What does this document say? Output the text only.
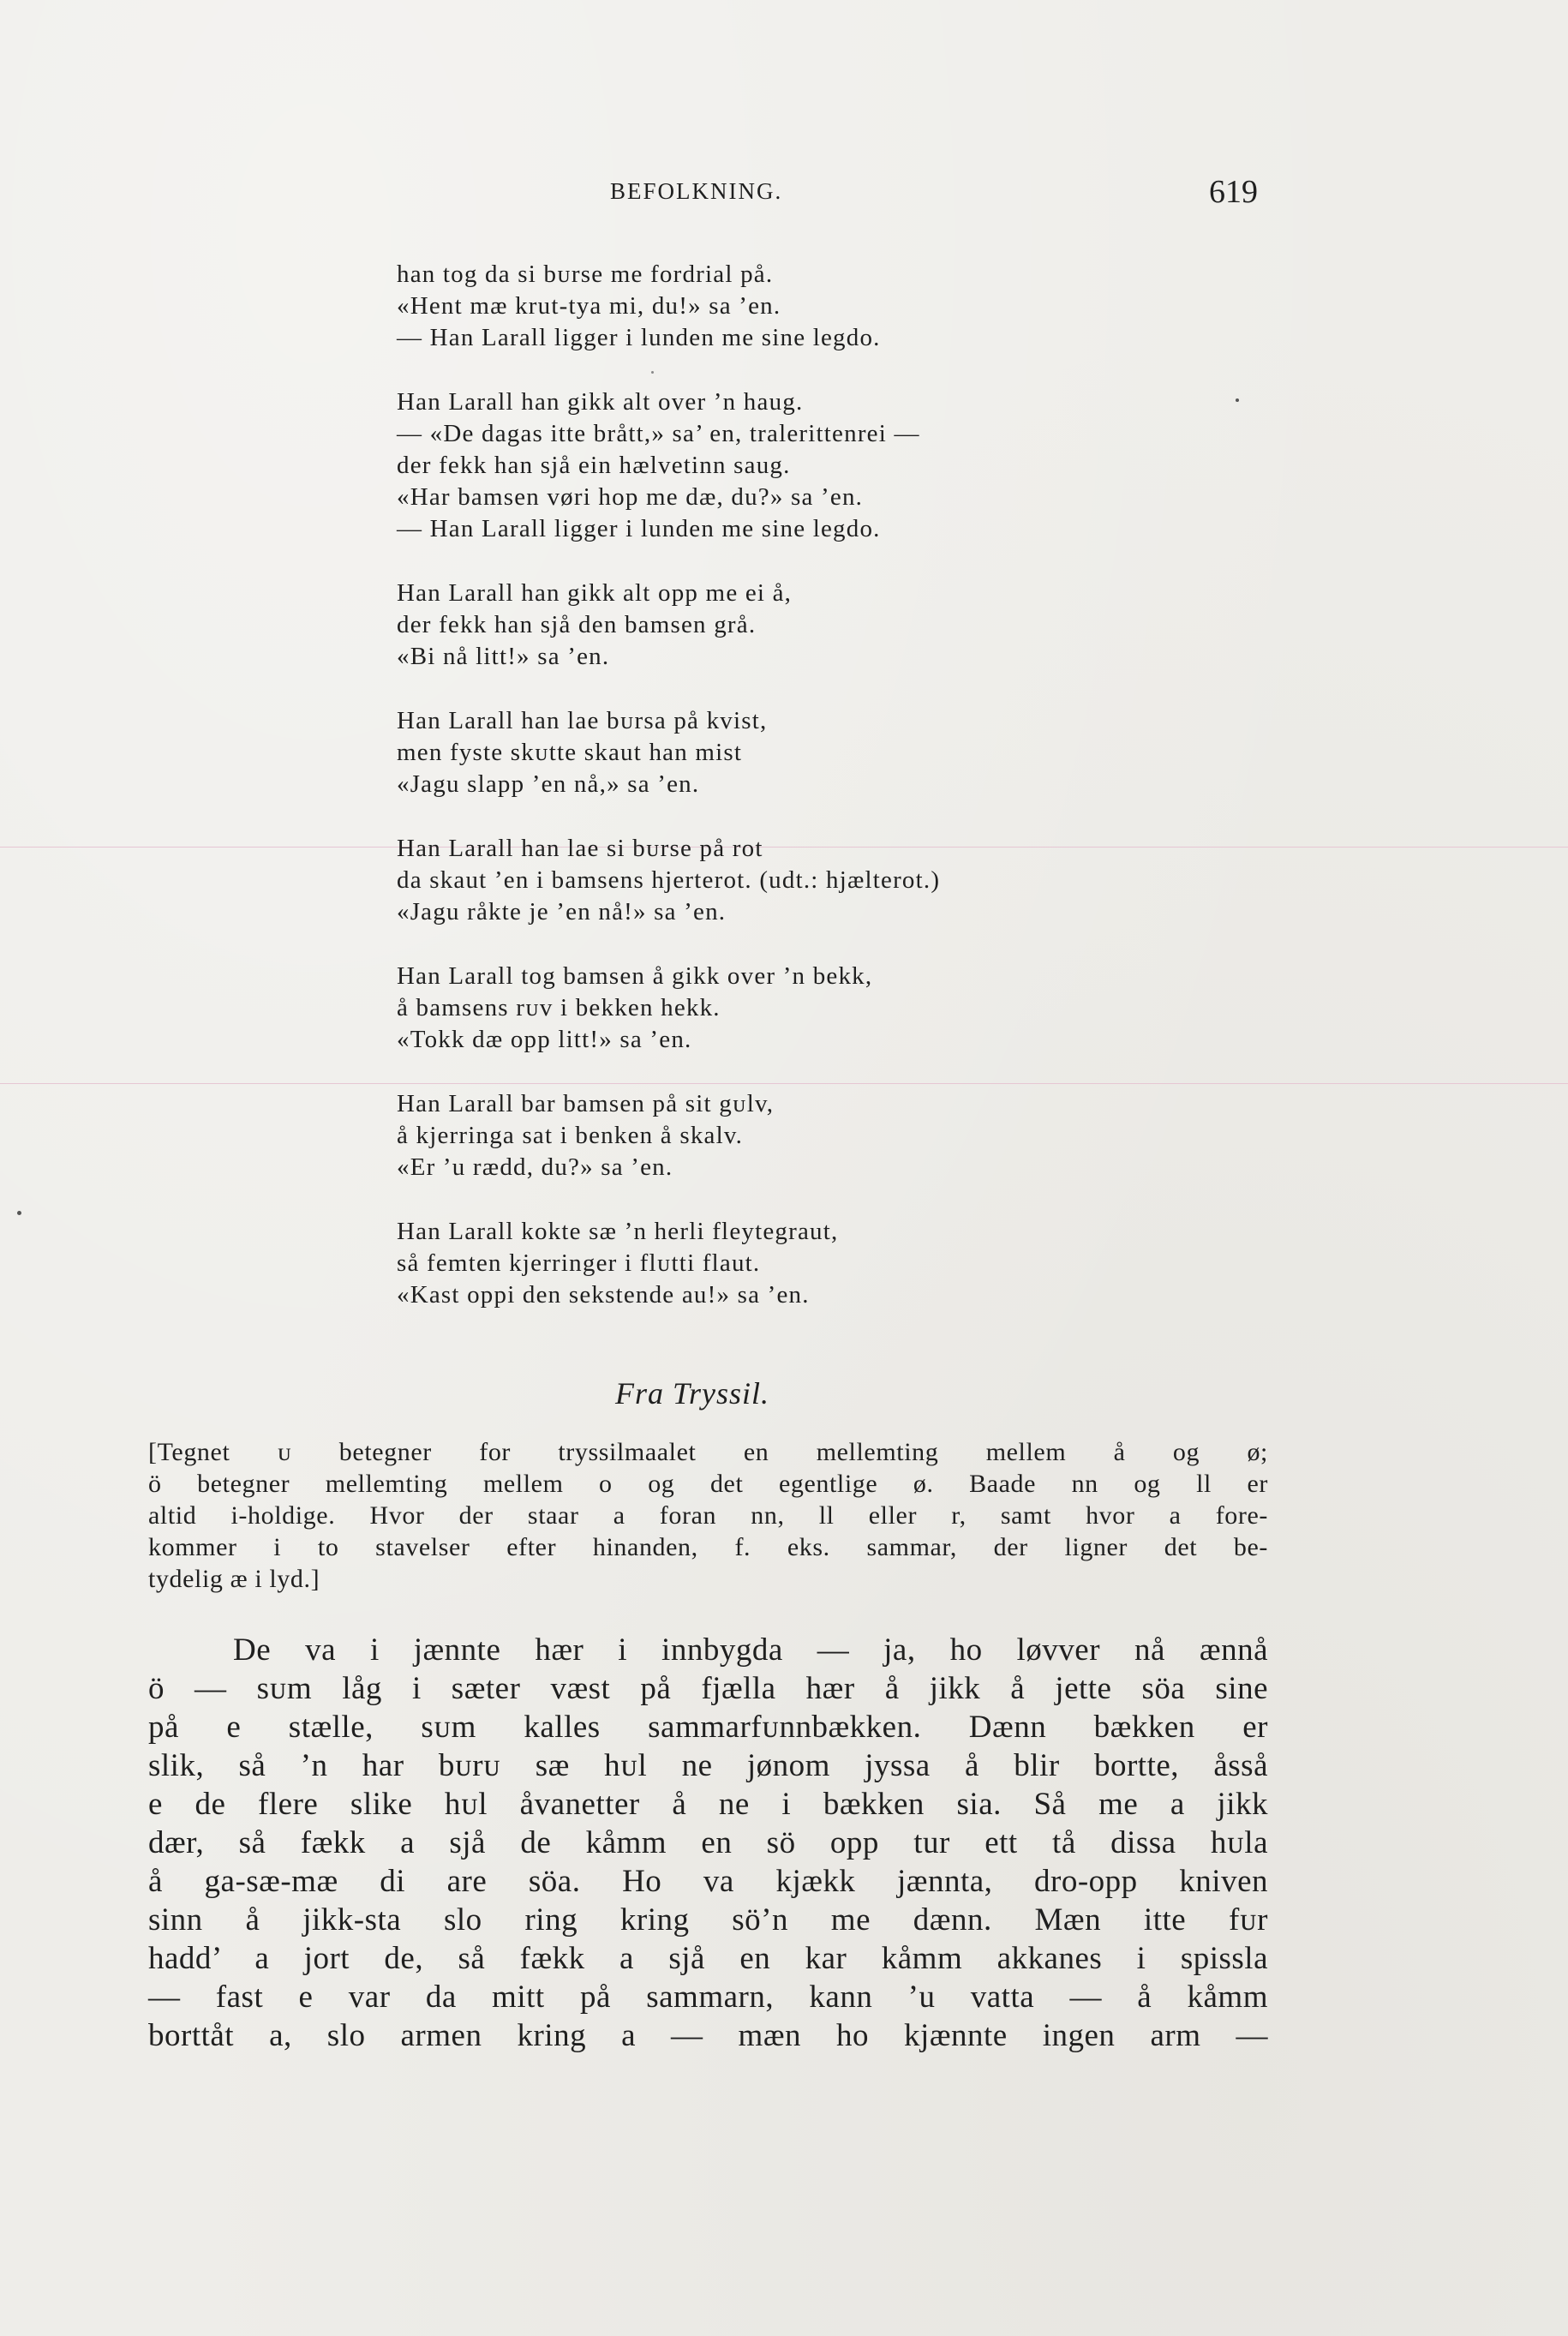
BEFOLKNING.	619
han tog da si bᴜrse me fordrial på.
«Hent mæ krut-tya mi, du!» sa ’en.
— Han Larall ligger i lunden me sine legdo.
Han Larall han gikk alt over ’n haug.
— «De dagas itte brått,» sa’ en, tralerittenrei —
der fekk han sjå ein hælvetinn saug.
«Har bamsen vøri hop me dæ, du?» sa ’en.
— Han Larall ligger i lunden me sine legdo.
Han Larall han gikk alt opp me ei å,
der fekk han sjå den bamsen grå.
«Bi nå litt!» sa ’en.
Han Larall han lae bᴜrsa på kvist,
men fyste skᴜtte skaut han mist
«Jagu slapp ’en nå,» sa ’en.
Han Larall han lae si bᴜrse på rot
da skaut ’en i bamsens hjerterot. (udt.: hjælterot.)
«Jagu råkte je ’en nå!» sa ’en.
Han Larall tog bamsen å gikk over ’n bekk,
å bamsens rᴜv i bekken hekk.
«Tokk dæ opp litt!» sa ’en.
Han Larall bar bamsen på sit gᴜlv,
å kjerringa sat i benken å skalv.
«Er ’u rædd, du?» sa ’en.
Han Larall kokte sæ ’n herli fleytegraut,
så femten kjerringer i flᴜtti flaut.
«Kast oppi den sekstende au!» sa ’en.
Fra Tryssil.
[Tegnet ᴜ betegner for tryssilmaalet en mellemting mellem å og ø;
ö betegner mellemting mellem o og det egentlige ø. Baade nn og ll er
altid i-holdige. Hvor der staar a foran nn, ll eller r, samt hvor a fore-
kommer i to stavelser efter hinanden, f. eks. sammar, der ligner det be-
tydelig æ i lyd.]
De va i jænnte hær i innbygda — ja, ho løvver nå ænnå
ö — sᴜm låg i sæter væst på fjælla hær å jikk å jette söa sine
på e stælle, sᴜm kalles sammarfᴜnnbækken. Dænn bækken er
slik, så ’n har bᴜrᴜ sæ hᴜl ne jønom jyssa å blir bortte, åsså
e de flere slike hᴜl åvanetter å ne i bækken sia. Så me a jikk
dær, så fækk a sjå de kåmm en sö opp tur ett tå dissa hᴜla
å ga-sæ-mæ di are söa. Ho va kjækk jænnta, dro-opp kniven
sinn å jikk-sta slo ring kring sö’n me dænn. Mæn itte fᴜr
hadd’ a jort de, så fækk a sjå en kar kåmm akkanes i spissla
— fast e var da mitt på sammarn, kann ’u vatta — å kåmm
borttåt a, slo armen kring a — mæn ho kjænnte ingen arm —
